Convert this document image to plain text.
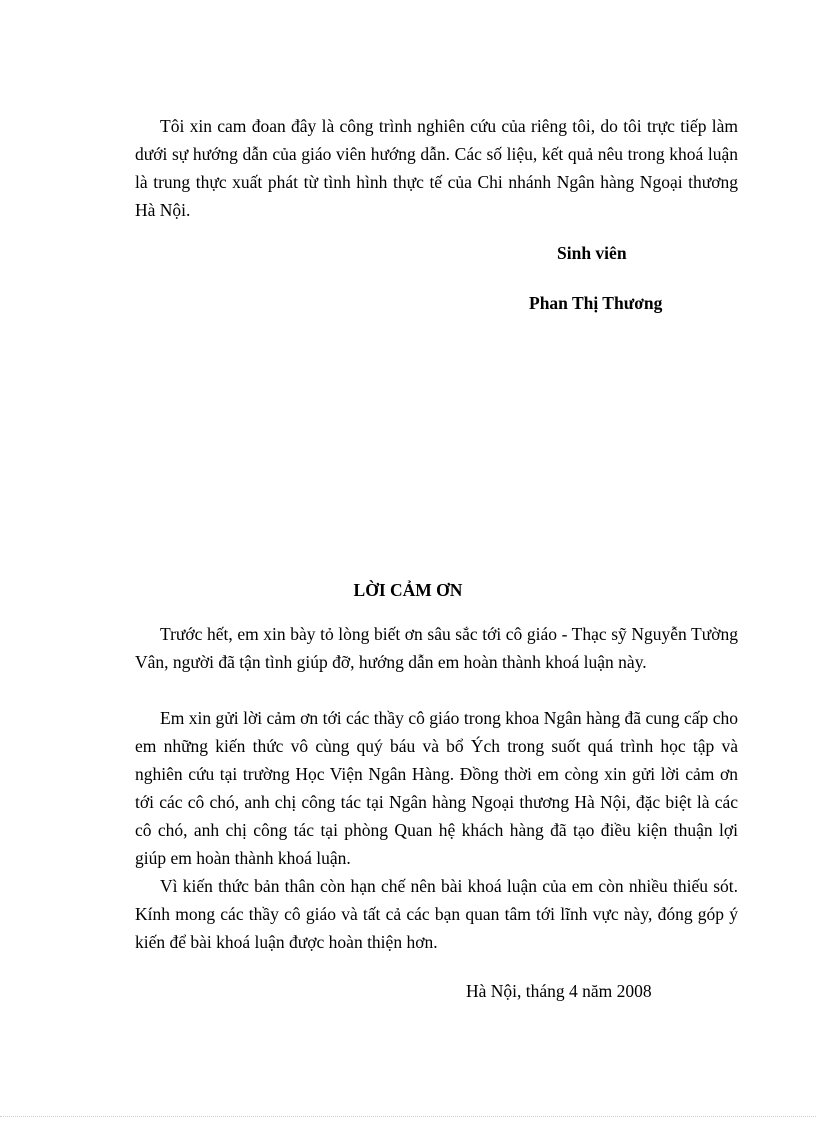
Tôi xin cam đoan đây là công trình nghiên cứu của riêng tôi, do tôi trực tiếp làm dưới sự hướng dẫn của giáo viên hướng dẫn. Các số liệu, kết quả nêu trong khoá luận là trung thực xuất phát từ tình hình thực tế của Chi nhánh Ngân hàng Ngoại thương Hà Nội.

Sinh viên

Phan Thị Thương

LỜI CẢM ƠN

Trước hết, em xin bày tỏ lòng biết ơn sâu sắc tới cô giáo - Thạc sỹ Nguyễn Tường Vân, người đã tận tình giúp đỡ, hướng dẫn em hoàn thành khoá luận này.

Em xin gửi lời cảm ơn tới các thầy cô giáo trong khoa Ngân hàng đã cung cấp cho em những kiến thức vô cùng quý báu và bổ Ých trong suốt quá trình học tập và nghiên cứu tại trường Học Viện Ngân Hàng. Đồng thời em còng xin gửi lời cảm ơn tới các cô chó, anh chị công tác tại Ngân hàng Ngoại thương Hà Nội, đặc biệt là các cô chó, anh chị công tác tại phòng Quan hệ khách hàng đã tạo điều kiện thuận lợi giúp em hoàn thành khoá luận.

Vì kiến thức bản thân còn hạn chế nên bài khoá luận của em còn nhiều thiếu sót. Kính mong các thầy cô giáo và tất cả các bạn quan tâm tới lĩnh vực này, đóng góp ý kiến để bài khoá luận được hoàn thiện hơn.

Hà Nội, tháng 4 năm 2008
